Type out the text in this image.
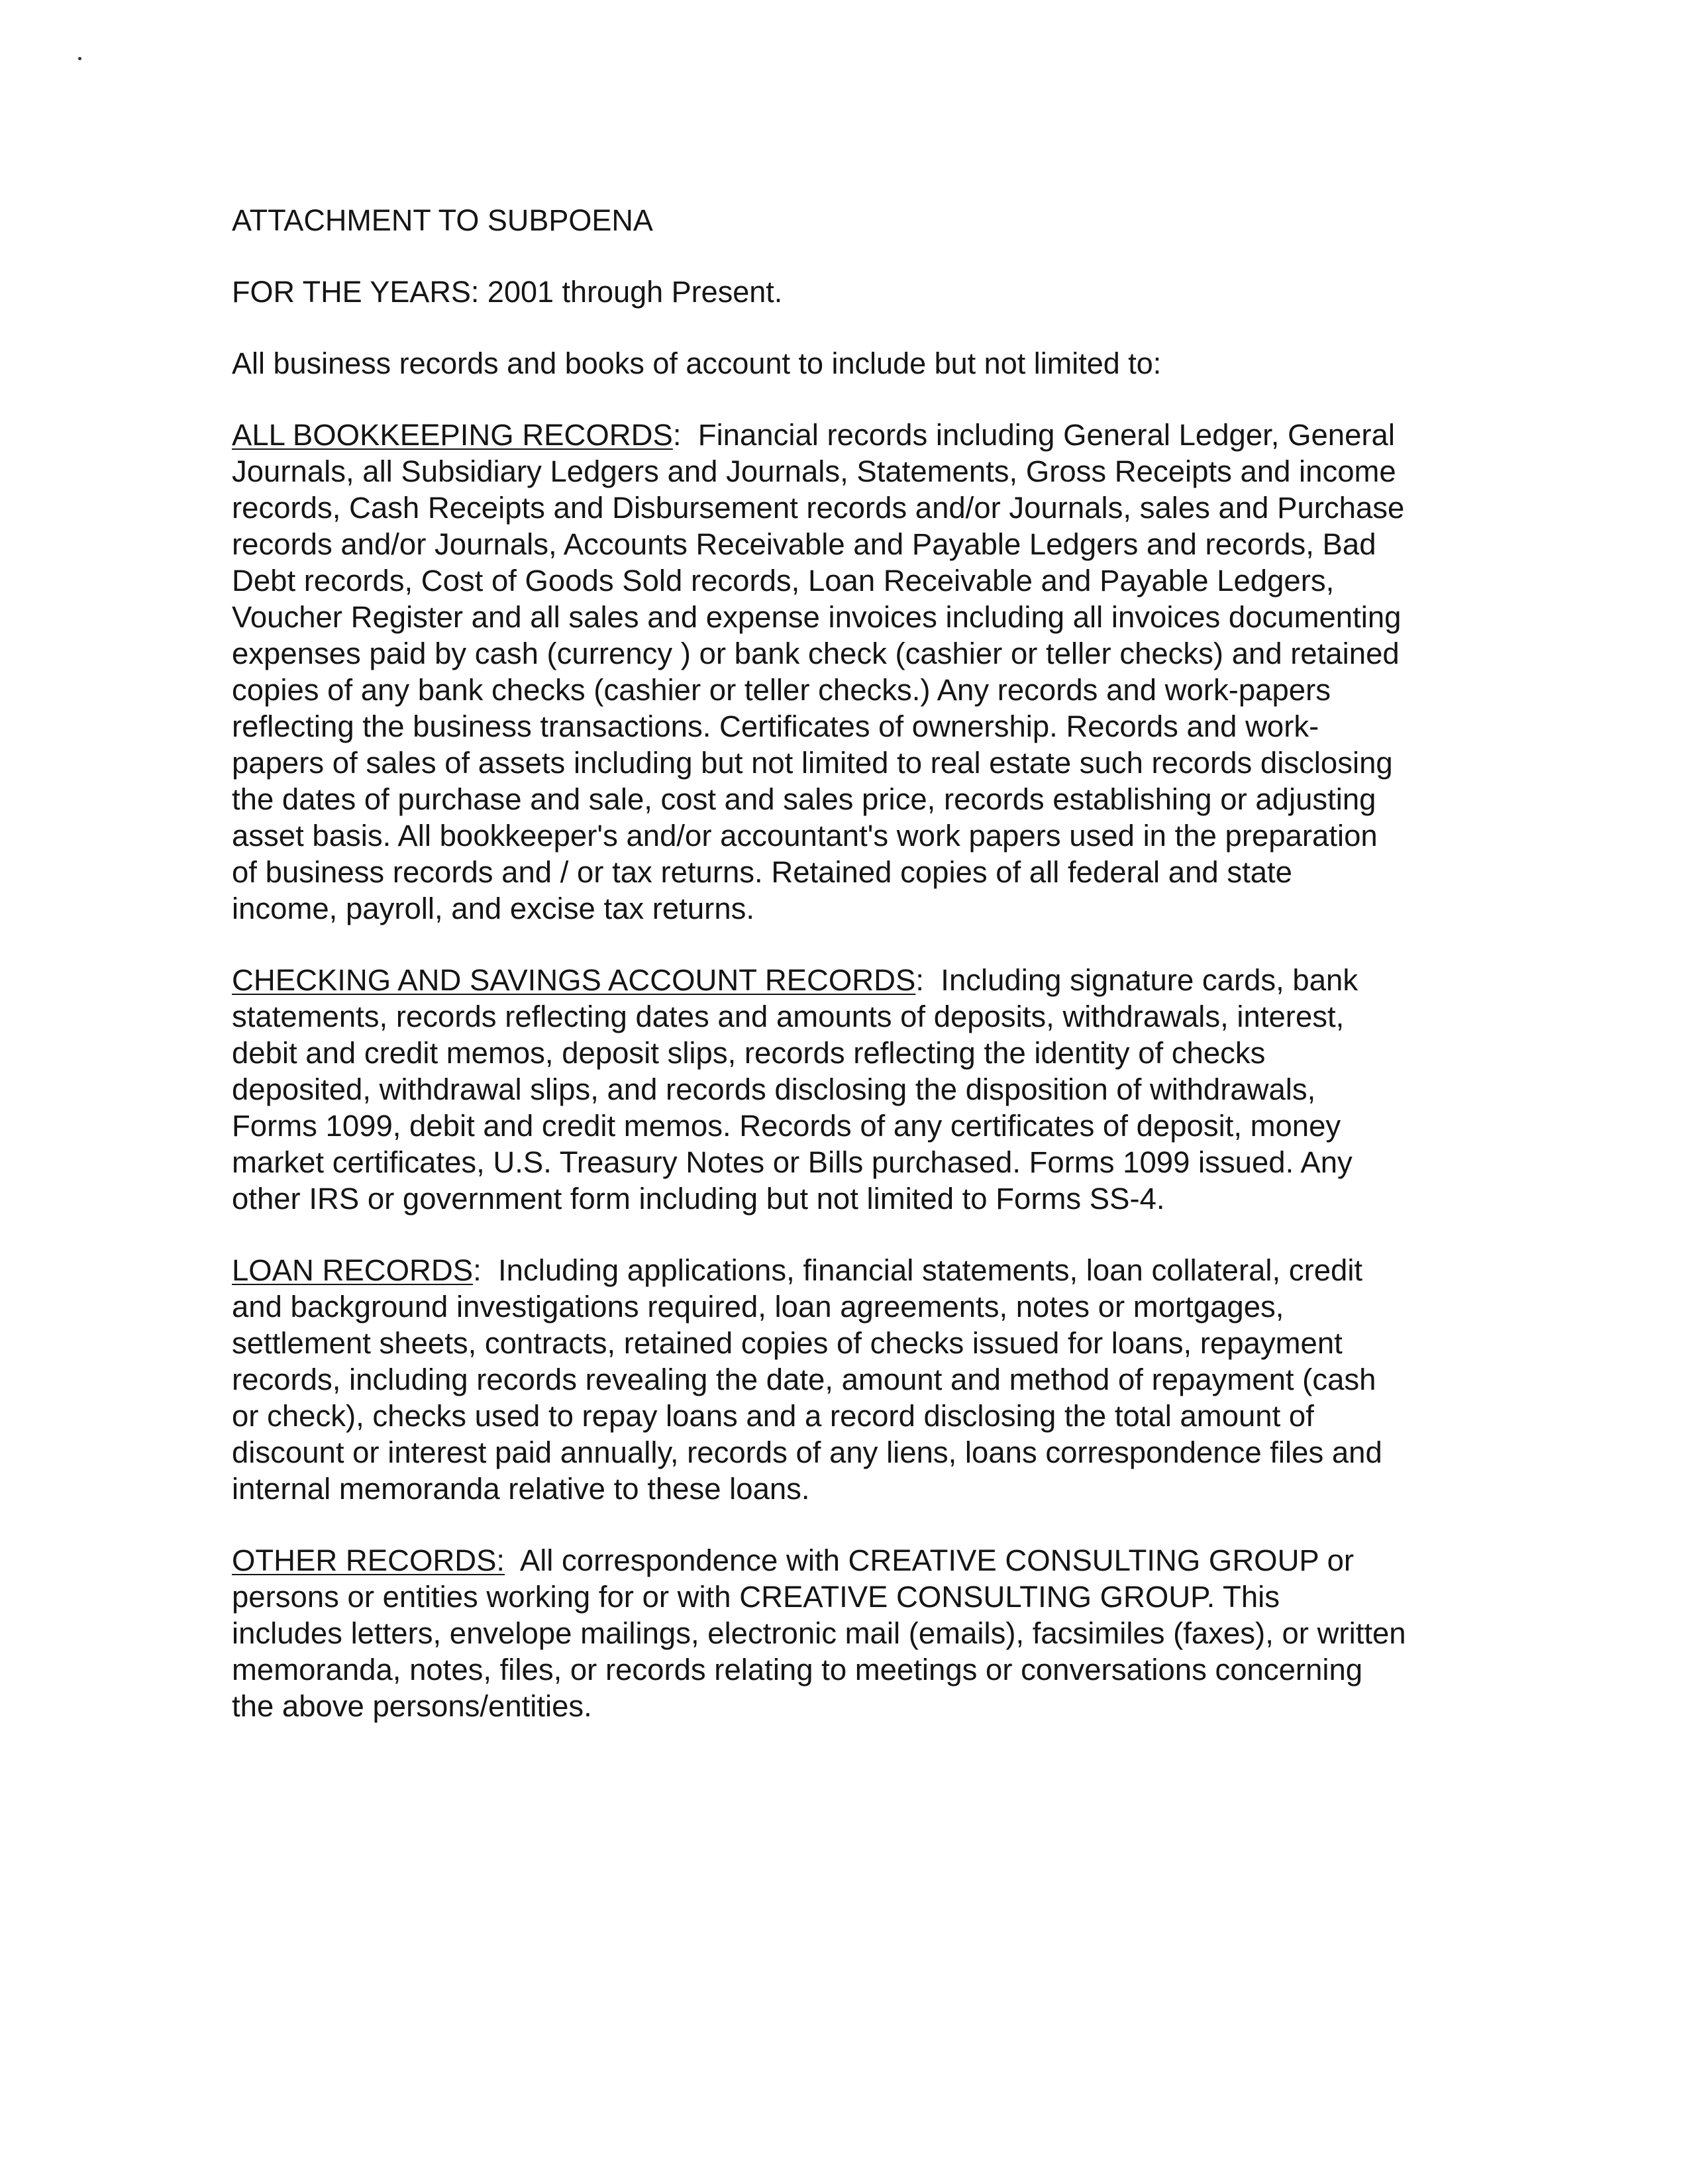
ATTACHMENT TO SUBPOENA

FOR THE YEARS: 2001 through Present.

All business records and books of account to include but not limited to:

ALL BOOKKEEPING RECORDS:  Financial records including General Ledger, General

Journals, all Subsidiary Ledgers and Journals, Statements, Gross Receipts and income

records, Cash Receipts and Disbursement records and/or Journals, sales and Purchase

records and/or Journals, Accounts Receivable and Payable Ledgers and records, Bad

Debt records, Cost of Goods Sold records, Loan Receivable and Payable Ledgers,

Voucher Register and all sales and expense invoices including all invoices documenting

expenses paid by cash (currency ) or bank check (cashier or teller checks) and retained

copies of any bank checks (cashier or teller checks.) Any records and work-papers

reflecting the business transactions. Certificates of ownership. Records and work-

papers of sales of assets including but not limited to real estate such records disclosing

the dates of purchase and sale, cost and sales price, records establishing or adjusting

asset basis. All bookkeeper's and/or accountant's work papers used in the preparation

of business records and / or tax returns. Retained copies of all federal and state

income, payroll, and excise tax returns.

CHECKING AND SAVINGS ACCOUNT RECORDS:  Including signature cards, bank

statements, records reflecting dates and amounts of deposits, withdrawals, interest,

debit and credit memos, deposit slips, records reflecting the identity of checks

deposited, withdrawal slips, and records disclosing the disposition of withdrawals,

Forms 1099, debit and credit memos. Records of any certificates of deposit, money

market certificates, U.S. Treasury Notes or Bills purchased. Forms 1099 issued. Any

other IRS or government form including but not limited to Forms SS-4.

LOAN RECORDS:  Including applications, financial statements, loan collateral, credit

and background investigations required, loan agreements, notes or mortgages,

settlement sheets, contracts, retained copies of checks issued for loans, repayment

records, including records revealing the date, amount and method of repayment (cash

or check), checks used to repay loans and a record disclosing the total amount of

discount or interest paid annually, records of any liens, loans correspondence files and

internal memoranda relative to these loans.

OTHER RECORDS: All correspondence with CREATIVE CONSULTING GROUP or

persons or entities working for or with CREATIVE CONSULTING GROUP. This

includes letters, envelope mailings, electronic mail (emails), facsimiles (faxes), or written

memoranda, notes, files, or records relating to meetings or conversations concerning

the above persons/entities.
